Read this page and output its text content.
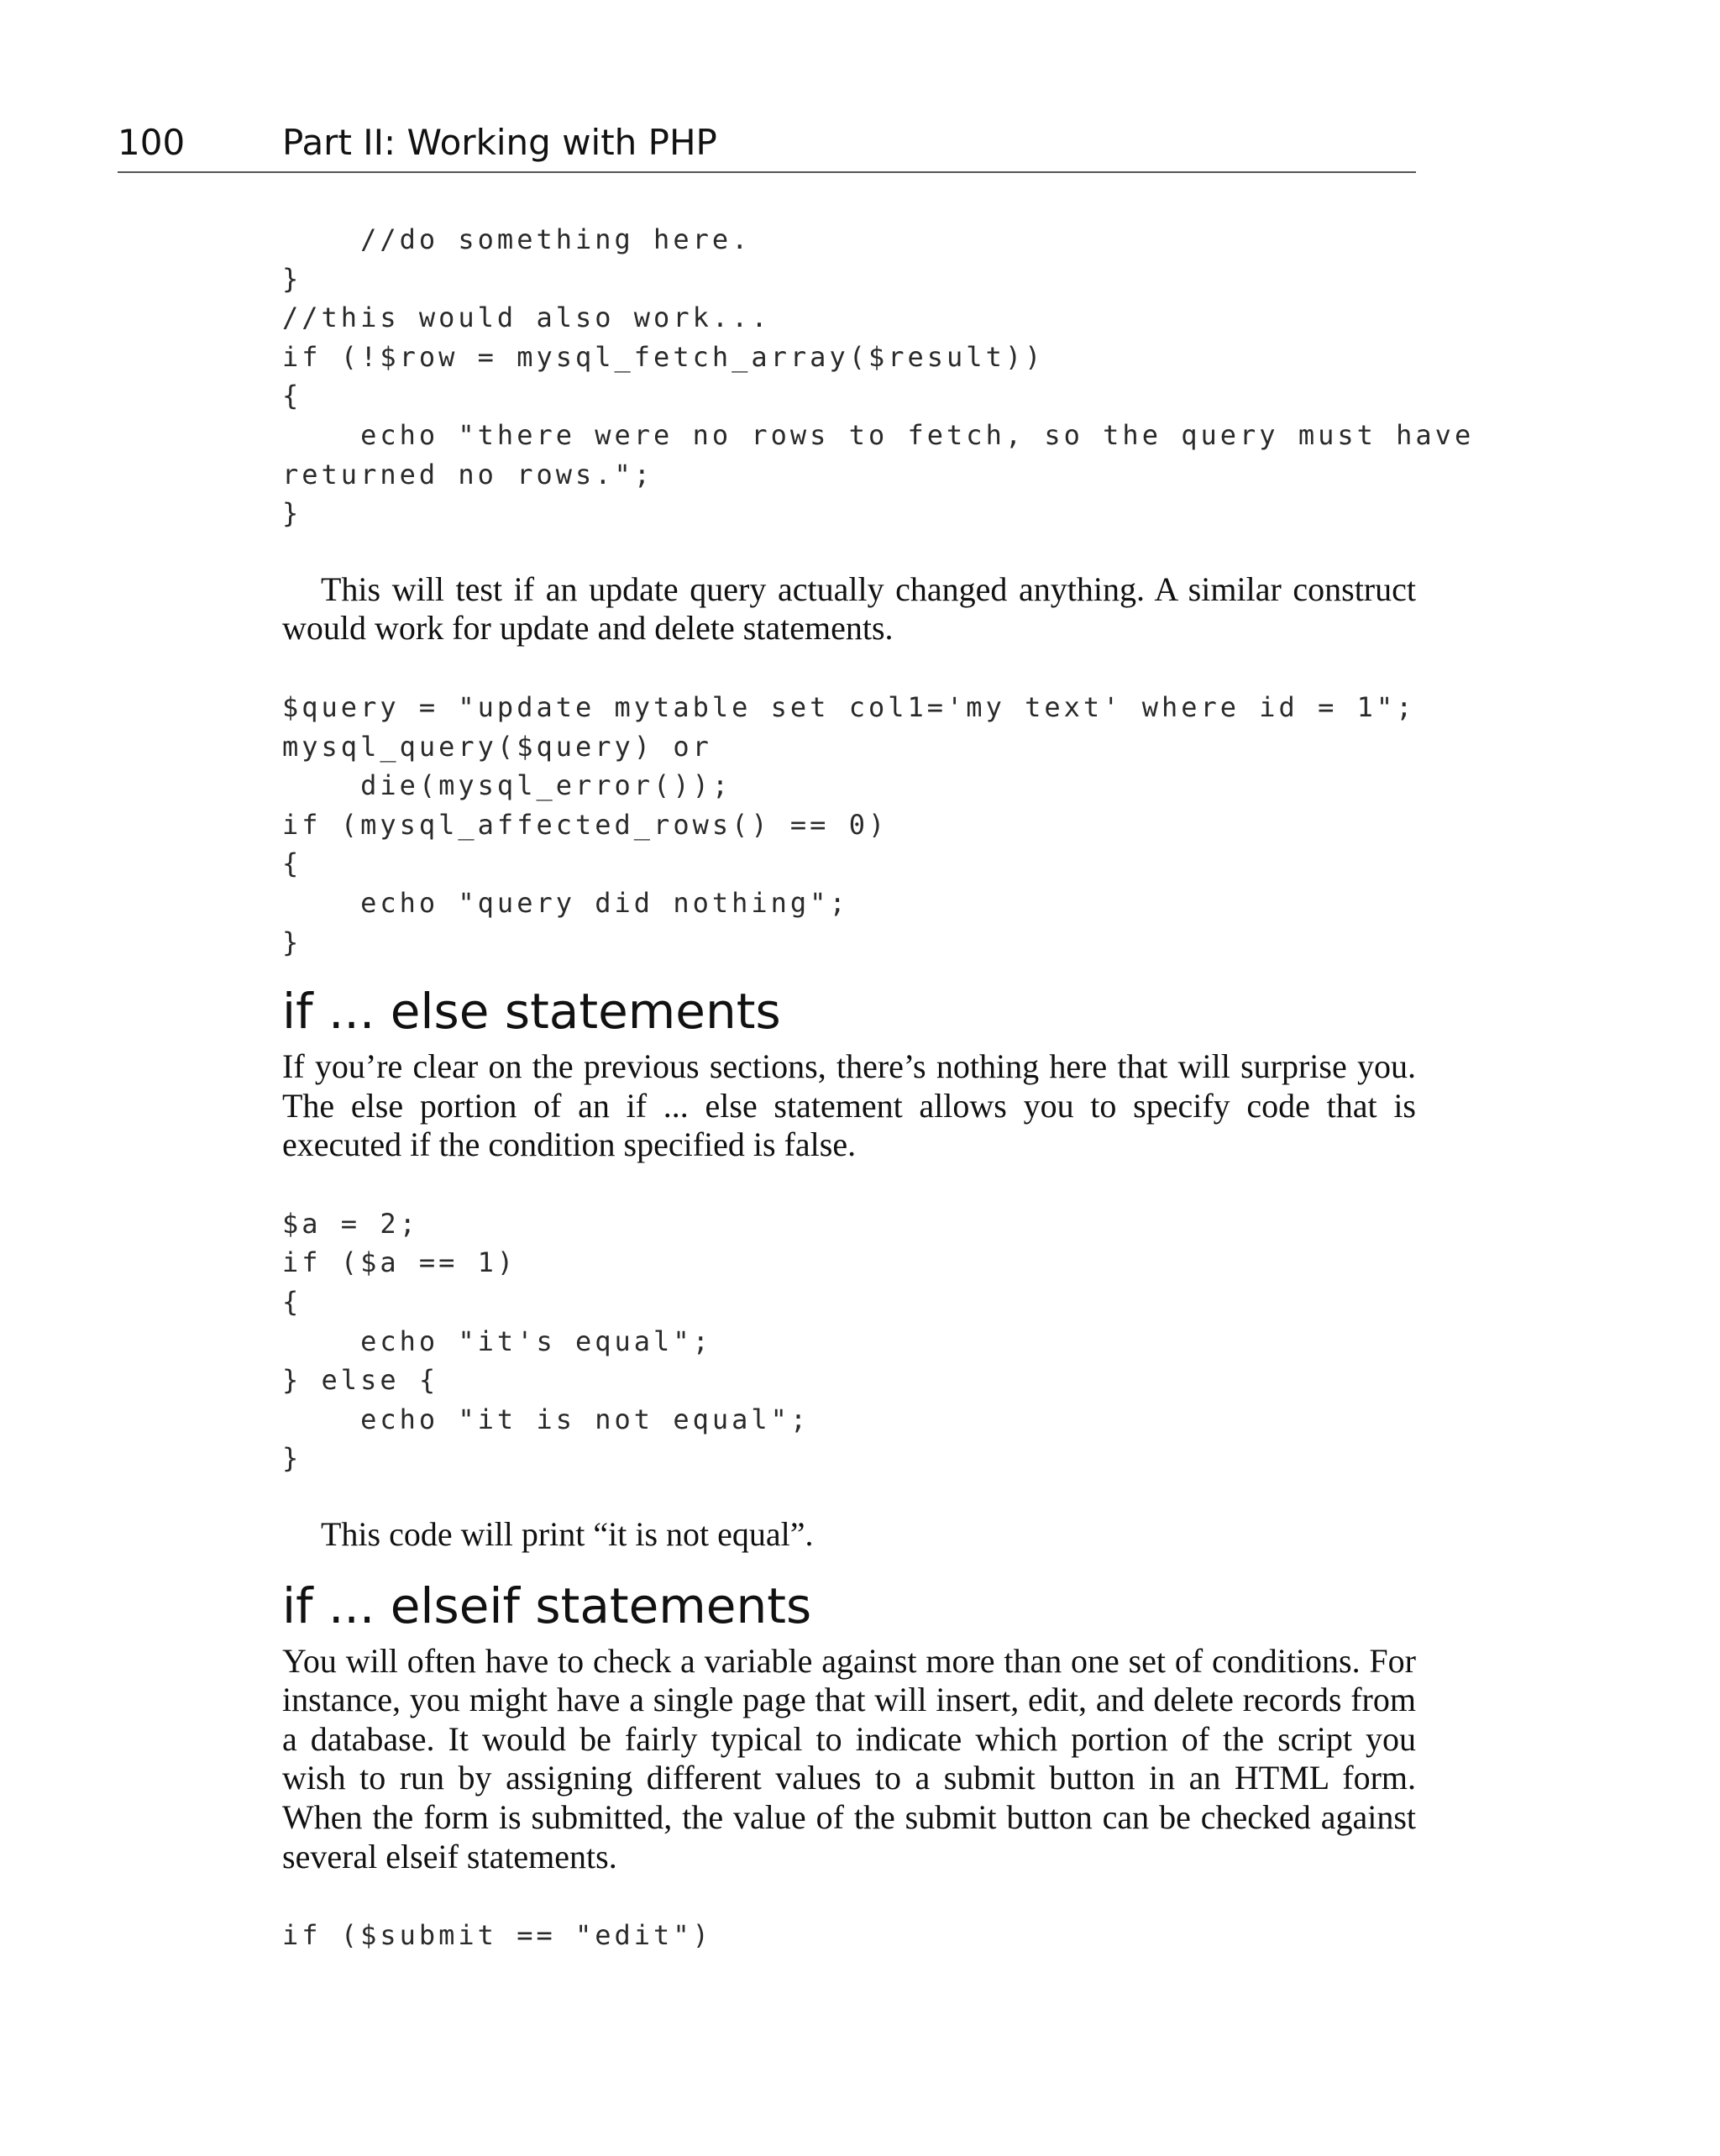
100	Part II: Working with PHP
//do something here.
}
//this would also work...
if (!$row = mysql_fetch_array($result))
{
echo "there were no rows to fetch, so the query must have
returned no rows.";
}

This will test if an update query actually changed anything. A similar construct would work for update and delete statements.

$query = "update mytable set col1='my text' where id = 1";
mysql_query($query) or
die(mysql_error());
if (mysql_affected_rows() == 0)
{
echo "query did nothing";
}
if ... else statements

If you’re clear on the previous sections, there’s nothing here that will surprise you. The else portion of an if ... else statement allows you to specify code that is executed if the condition specified is false.

$a = 2;
if ($a == 1)
{
echo "it's equal";
} else {
echo "it is not equal";
}

This code will print “it is not equal”.

if ... elseif statements

You will often have to check a variable against more than one set of conditions. For instance, you might have a single page that will insert, edit, and delete records from a database. It would be fairly typical to indicate which portion of the script you wish to run by assigning different values to a submit button in an HTML form. When the form is submitted, the value of the submit button can be checked against several elseif statements.

if ($submit == "edit")
